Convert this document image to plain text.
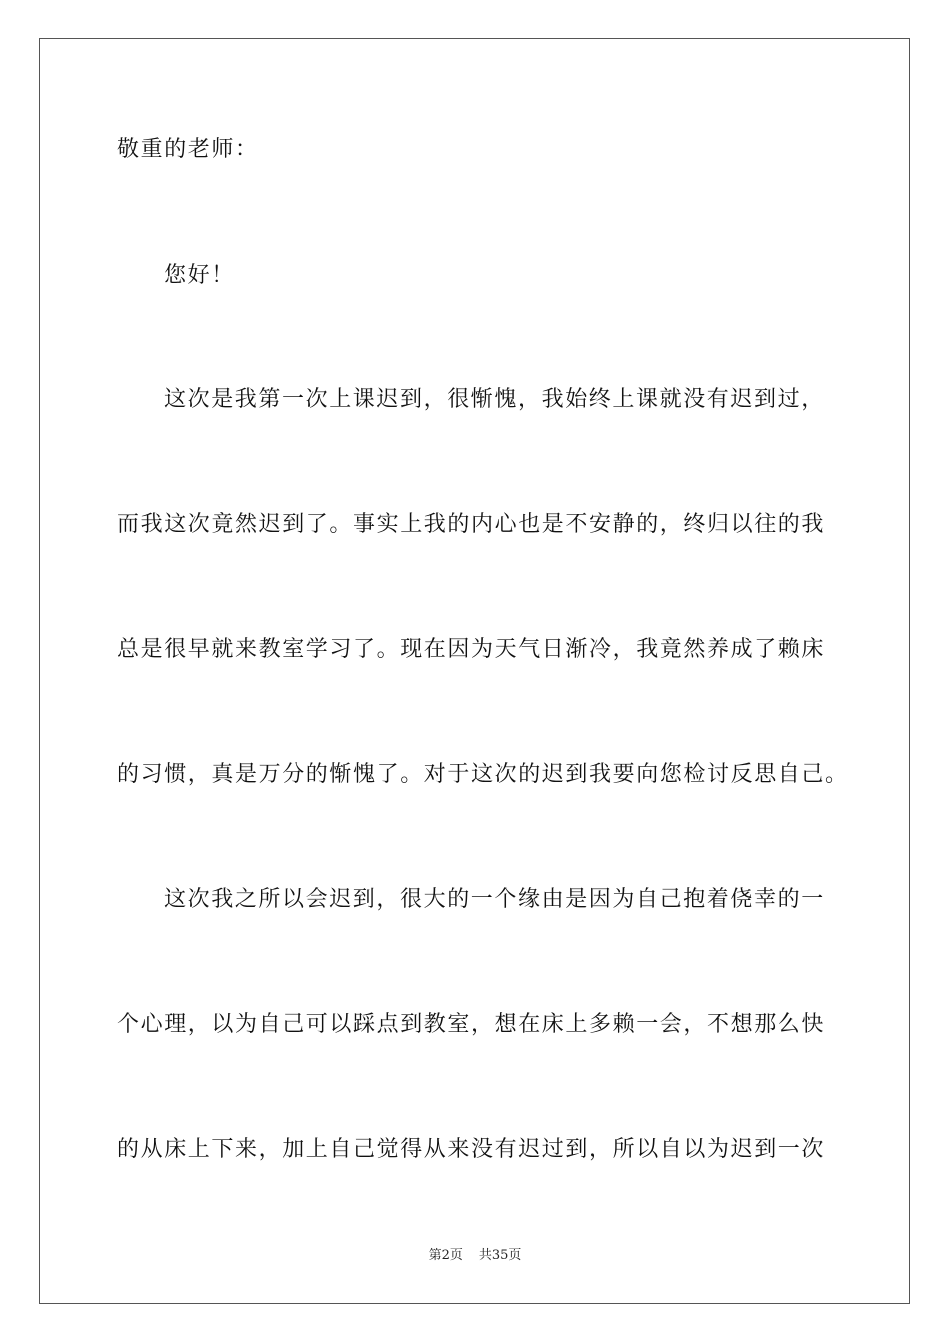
敬重的老师：
您好！
这次是我第一次上课迟到，很惭愧，我始终上课就没有迟到过，
而我这次竟然迟到了。事实上我的内心也是不安静的，终归以往的我
总是很早就来教室学习了。现在因为天气日渐冷，我竟然养成了赖床
的习惯，真是万分的惭愧了。对于这次的迟到我要向您检讨反思自己。
这次我之所以会迟到，很大的一个缘由是因为自己抱着侥幸的一
个心理，以为自己可以踩点到教室，想在床上多赖一会，不想那么快
的从床上下来，加上自己觉得从来没有迟过到，所以自以为迟到一次
第2页 共35页
